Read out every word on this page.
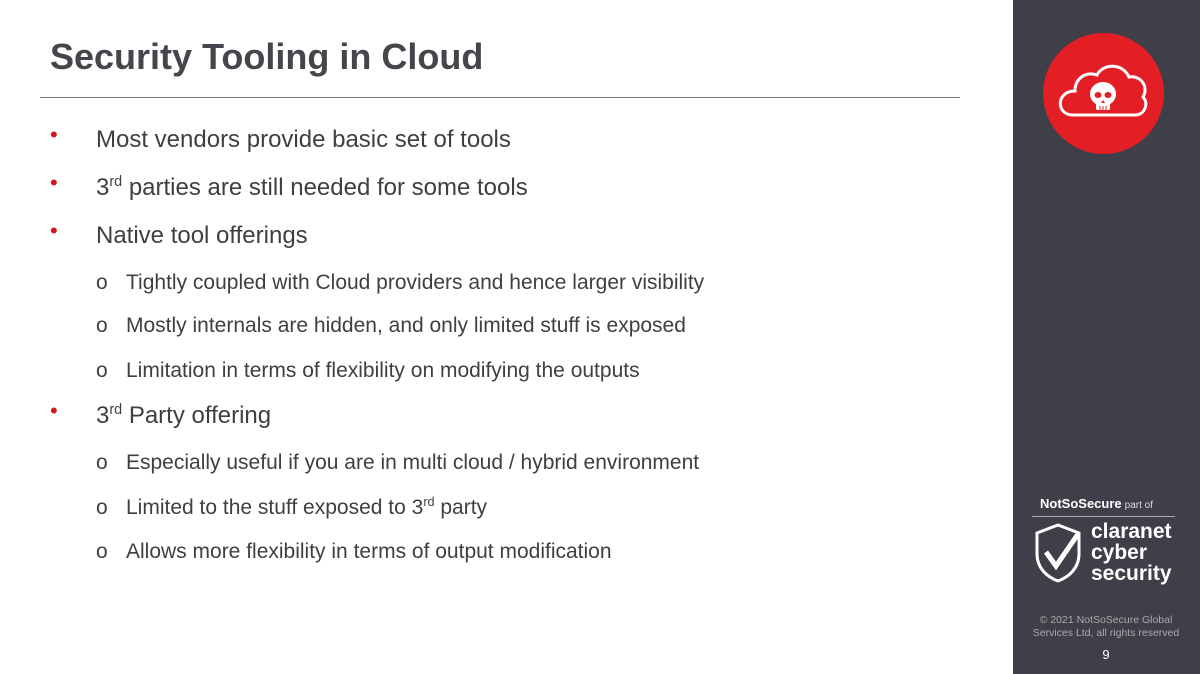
Security Tooling in Cloud
• Most vendors provide basic set of tools
• 3rd parties are still needed for some tools
• Native tool offerings
o Tightly coupled with Cloud providers and hence larger visibility
o Mostly internals are hidden, and only limited stuff is exposed
o Limitation in terms of flexibility on modifying the outputs
• 3rd Party offering
o Especially useful if you are in multi cloud / hybrid environment
o Limited to the stuff exposed to 3rd party
o Allows more flexibility in terms of output modification
NotSoSecure part of
claranet
cyber
security
© 2021 NotSoSecure Global Services Ltd, all rights reserved
9
